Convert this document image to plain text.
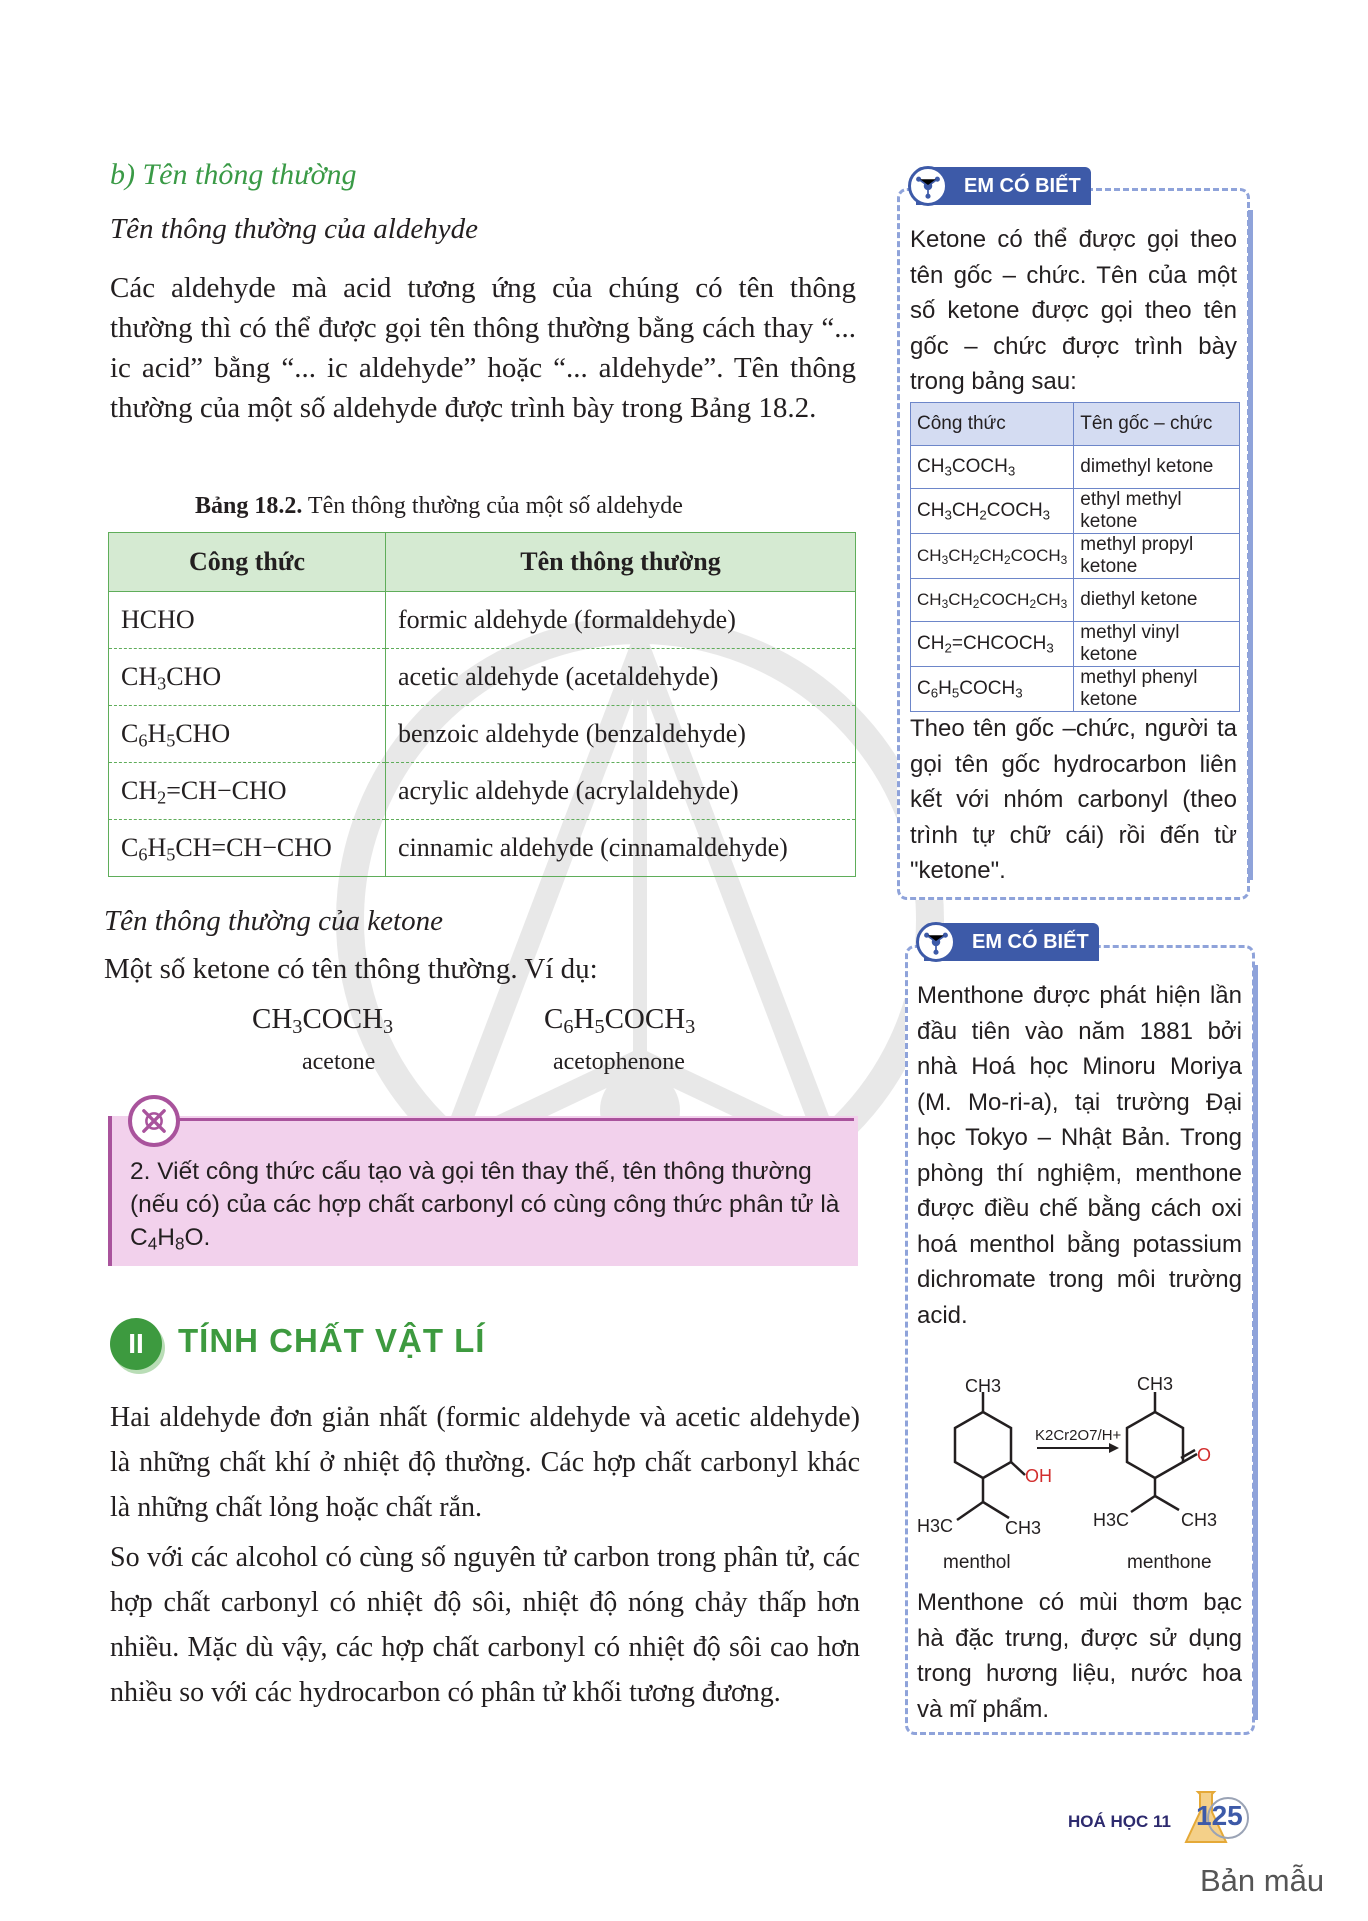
b) Tên thông thường
Tên thông thường của aldehyde

Các aldehyde mà acid tương ứng của chúng có tên thông thường thì có thể được gọi tên thông thường bằng cách thay “... ic acid” bằng “... ic aldehyde” hoặc “... aldehyde”. Tên thông thường của một số aldehyde được trình bày trong Bảng 18.2.

Bảng 18.2. Tên thông thường của một số aldehyde
Công thức	Tên thông thường
HCHO	formic aldehyde (formaldehyde)
$CH_3CHO$	acetic aldehyde (acetaldehyde)
$C_6H_5CHO$	benzoic aldehyde (benzaldehyde)
$CH_2=CH-CHO$	acrylic aldehyde (acrylaldehyde)
$C_6H_5CH=CH-CHO$	cinnamic aldehyde (cinnamaldehyde)
Tên thông thường của ketone
Một số ketone có tên thông thường. Ví dụ:
$CH_3COCH_3$
acetone
$C_6H_5COCH_3$
acetophenone
2. Viết công thức cấu tạo và gọi tên thay thế, tên thông thường (nếu có) của các hợp chất carbonyl có cùng công thức phân tử là $C_4H_8O$.
II	TÍNH CHẤT VẬT LÍ

Hai aldehyde đơn giản nhất (formic aldehyde và acetic aldehyde) là những chất khí ở nhiệt độ thường. Các hợp chất carbonyl khác là những chất lỏng hoặc chất rắn.

So với các alcohol có cùng số nguyên tử carbon trong phân tử, các hợp chất carbonyl có nhiệt độ sôi, nhiệt độ nóng chảy thấp hơn nhiều. Mặc dù vậy, các hợp chất carbonyl có nhiệt độ sôi cao hơn nhiều so với các hydrocarbon có phân tử khối tương đương.

EM CÓ BIẾT
Ketone có thể được gọi theo tên gốc – chức. Tên của một số ketone được gọi theo tên gốc – chức được trình bày trong bảng sau:
Công thức	Tên gốc – chức
$CH_3COCH_3$	dimethyl ketone
$CH_3CH_2COCH_3$	ethyl methyl ketone
$CH_3CH_2CH_2COCH_3$	methyl propyl ketone
$CH_3CH_2COCH_2CH_3$	diethyl ketone
$CH_2=CHCOCH_3$	methyl vinyl ketone
$C_6H_5COCH_3$	methyl phenyl ketone
Theo tên gốc –chức, người ta gọi tên gốc hydrocarbon liên kết với nhóm carbonyl (theo trình tự chữ cái) rồi đến từ "ketone".
EM CÓ BIẾT
Menthone được phát hiện lần đầu tiên vào năm 1881 bởi nhà Hoá học Minoru Moriya (M. Mo-ri-a), tại trường Đại học Tokyo – Nhật Bản. Trong phòng thí nghiệm, menthone được điều chế bằng cách oxi hoá menthol bằng potassium dichromate trong môi trường acid.
CH3
OH
H3C	CH3
menthol
K2Cr2O7/H+
CH3
O
H3C	CH3
menthone
Menthone có mùi thơm bạc hà đặc trưng, được sử dụng trong hương liệu, nước hoa và mĩ phẩm.
HOÁ HỌC 11 125
Bản mẫu
